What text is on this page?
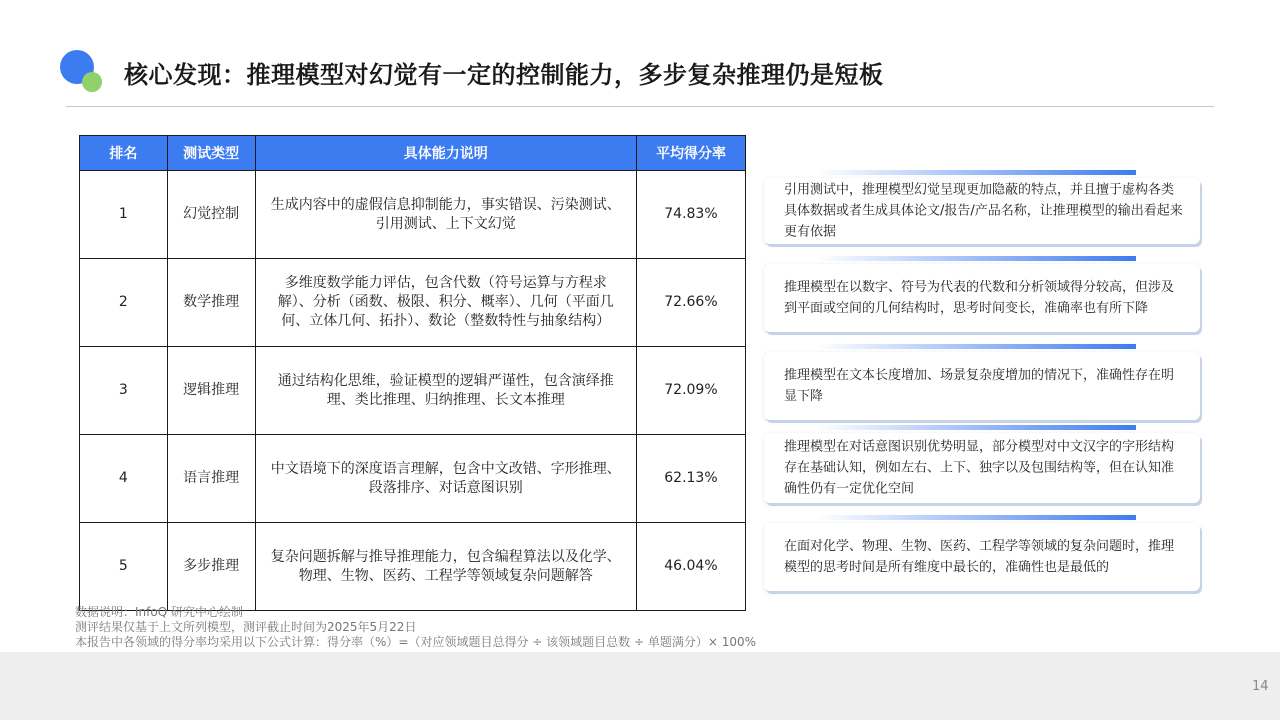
核心发现：推理模型对幻觉有一定的控制能力，多步复杂推理仍是短板
排名	测试类型	具体能力说明	平均得分率
1	幻觉控制	生成内容中的虚假信息抑制能力，事实错误、污染测试、引用测试、上下文幻觉	74.83%
2	数学推理	多维度数学能力评估，包含代数（符号运算与方程求解）、分析（函数、极限、积分、概率）、几何（平面几何、立体几何、拓扑）、数论（整数特性与抽象结构）	72.66%
3	逻辑推理	通过结构化思维，验证模型的逻辑严谨性，包含演绎推理、类比推理、归纳推理、长文本推理	72.09%
4	语言推理	中文语境下的深度语言理解，包含中文改错、字形推理、段落排序、对话意图识别	62.13%
5	多步推理	复杂问题拆解与推导推理能力，包含编程算法以及化学、物理、生物、医药、工程学等领域复杂问题解答	46.04%
引用测试中，推理模型幻觉呈现更加隐蔽的特点，并且擅于虚构各类具体数据或者生成具体论文/报告/产品名称，让推理模型的输出看起来更有依据
推理模型在以数字、符号为代表的代数和分析领域得分较高，但涉及到平面或空间的几何结构时，思考时间变长，准确率也有所下降
推理模型在文本长度增加、场景复杂度增加的情况下，准确性存在明显下降
推理模型在对话意图识别优势明显，部分模型对中文汉字的字形结构存在基础认知，例如左右、上下、独字以及包围结构等，但在认知准确性仍有一定优化空间
在面对化学、物理、生物、医药、工程学等领域的复杂问题时，推理模型的思考时间是所有维度中最长的，准确性也是最低的
数据说明：InfoQ 研究中心绘制
测评结果仅基于上文所列模型，测评截止时间为2025年5月22日
本报告中各领域的得分率均采用以下公式计算：得分率（%）=（对应领域题目总得分 ÷ 该领域题目总数 ÷ 单题满分）× 100%
14
